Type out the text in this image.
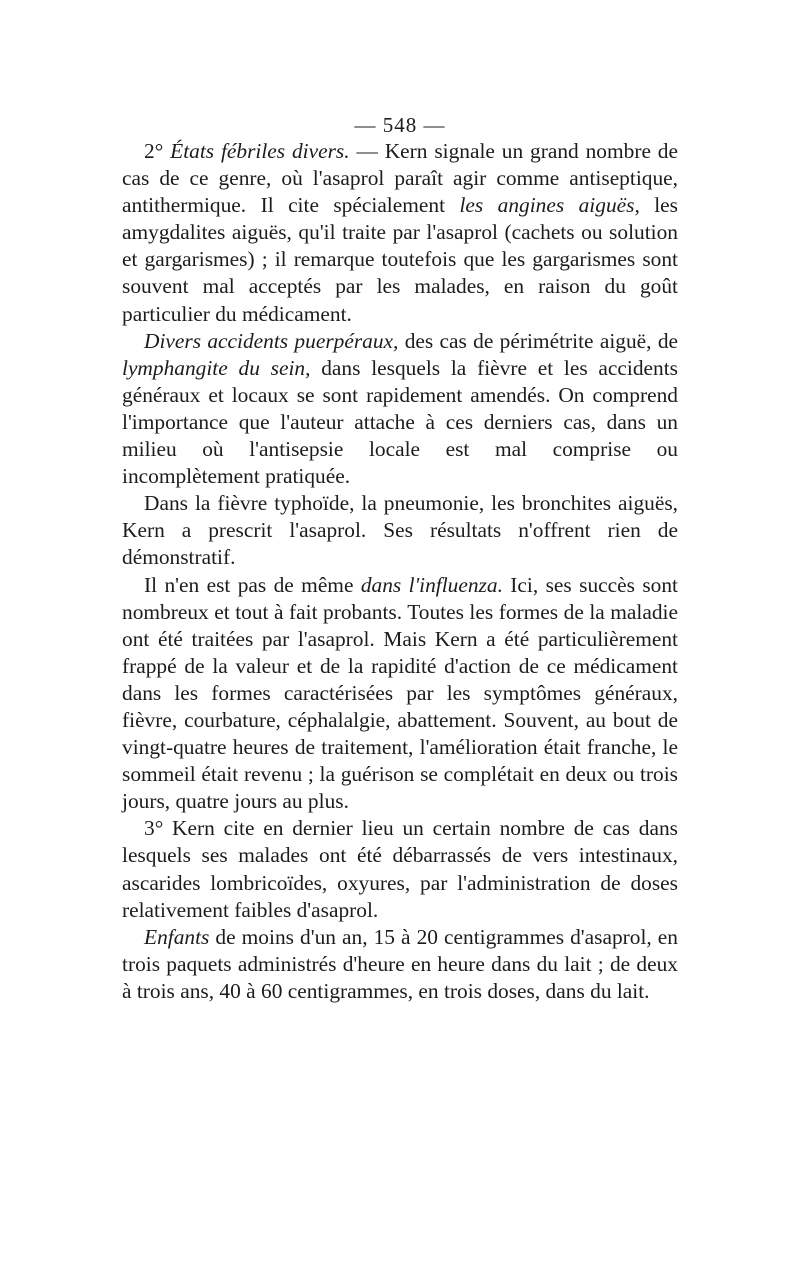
— 548 —

2° États fébriles divers. — Kern signale un grand nombre de cas de ce genre, où l'asaprol paraît agir comme antiseptique, antithermique. Il cite spécialement les angines aiguës, les amygdalites aiguës, qu'il traite par l'asaprol (cachets ou solution et gargarismes) ; il remarque toutefois que les gargarismes sont souvent mal acceptés par les malades, en raison du goût particulier du médicament.

Divers accidents puerpéraux, des cas de périmétrite aiguë, de lymphangite du sein, dans lesquels la fièvre et les accidents généraux et locaux se sont rapidement amendés. On comprend l'importance que l'auteur attache à ces derniers cas, dans un milieu où l'antisepsie locale est mal comprise ou incomplètement pratiquée.

Dans la fièvre typhoïde, la pneumonie, les bronchites aiguës, Kern a prescrit l'asaprol. Ses résultats n'offrent rien de démonstratif.

Il n'en est pas de même dans l'influenza. Ici, ses succès sont nombreux et tout à fait probants. Toutes les formes de la maladie ont été traitées par l'asaprol. Mais Kern a été particulièrement frappé de la valeur et de la rapidité d'action de ce médicament dans les formes caractérisées par les symptômes généraux, fièvre, courbature, céphalalgie, abattement. Souvent, au bout de vingt-quatre heures de traitement, l'amélioration était franche, le sommeil était revenu ; la guérison se complétait en deux ou trois jours, quatre jours au plus.

3° Kern cite en dernier lieu un certain nombre de cas dans lesquels ses malades ont été débarrassés de vers intestinaux, ascarides lombricoïdes, oxyures, par l'administration de doses relativement faibles d'asaprol.

Enfants de moins d'un an, 15 à 20 centigrammes d'asaprol, en trois paquets administrés d'heure en heure dans du lait ; de deux à trois ans, 40 à 60 centigrammes, en trois doses, dans du lait.
